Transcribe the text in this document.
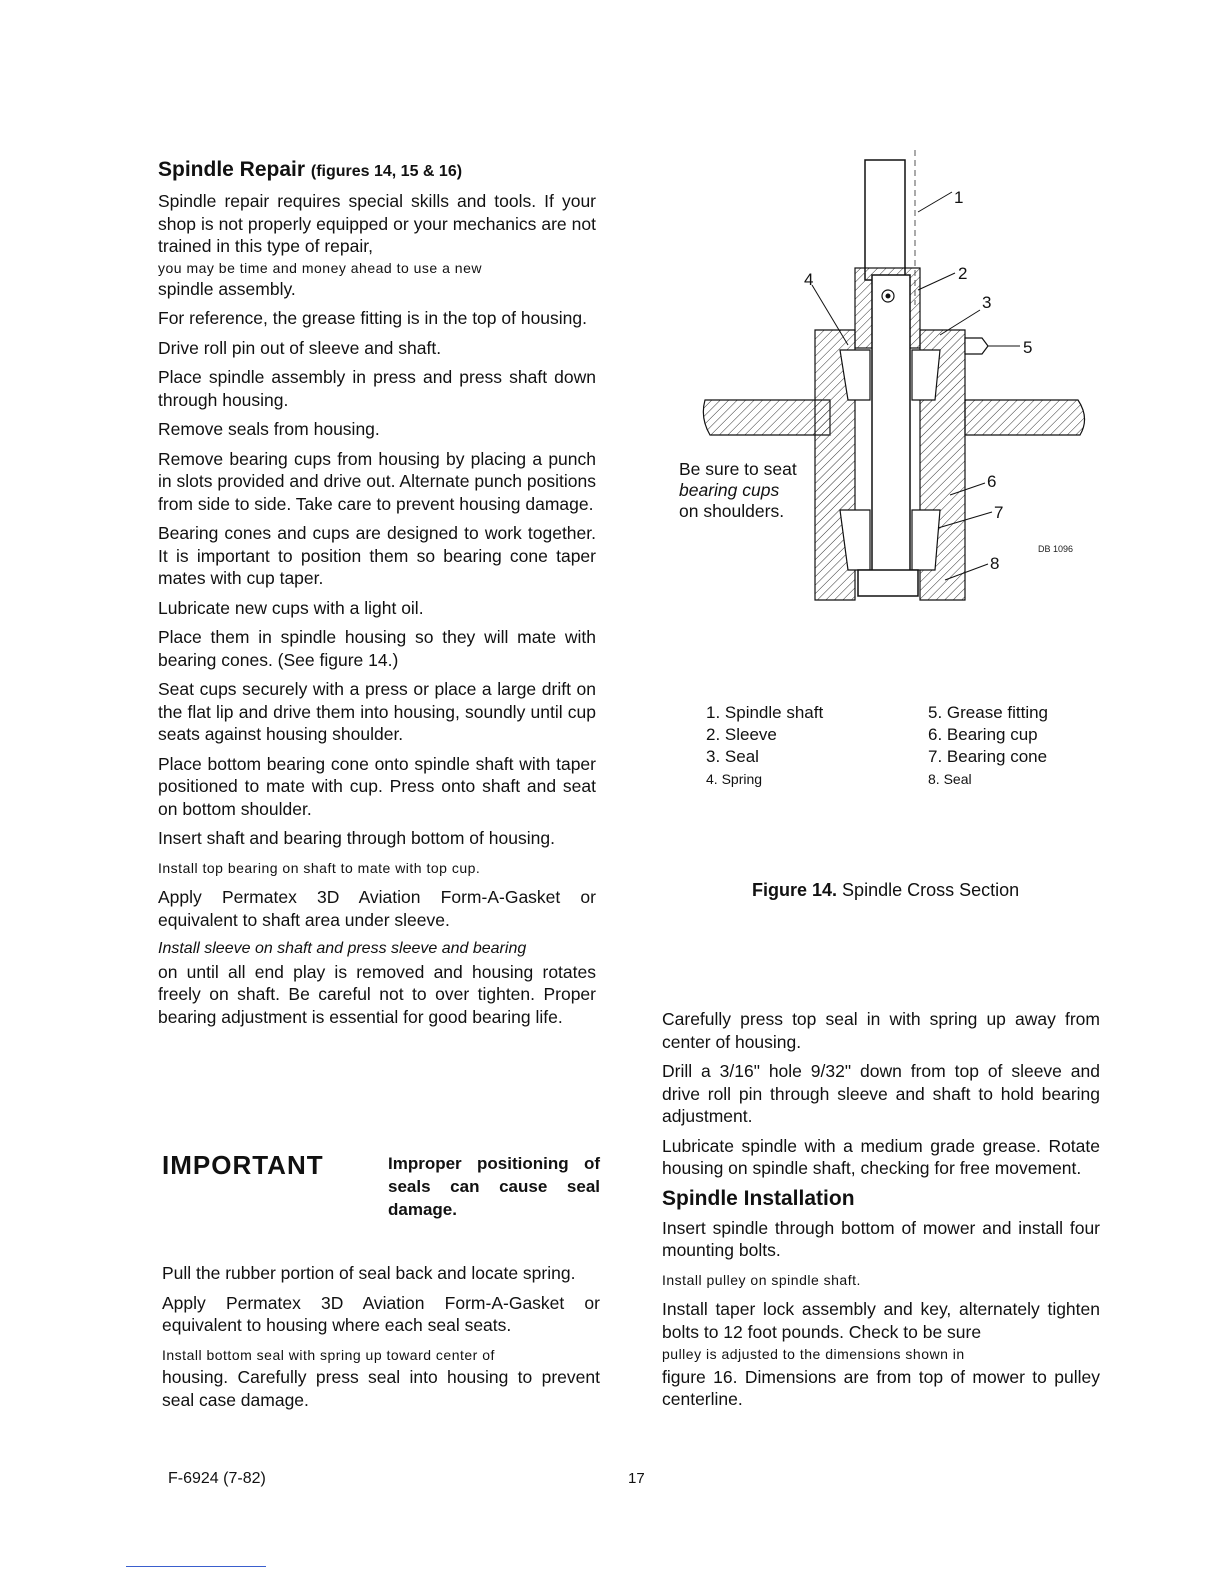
Spindle Repair (figures 14, 15 & 16)

Spindle repair requires special skills and tools. If your shop is not properly equipped or your mechanics are not trained in this type of repair,

you may be time and money ahead to use a new

spindle assembly.

For reference, the grease fitting is in the top of housing.

Drive roll pin out of sleeve and shaft.

Place spindle assembly in press and press shaft down through housing.

Remove seals from housing.

Remove bearing cups from housing by placing a punch in slots provided and drive out. Alternate punch positions from side to side. Take care to prevent housing damage.

Bearing cones and cups are designed to work together. It is important to position them so bearing cone taper mates with cup taper.

Lubricate new cups with a light oil.

Place them in spindle housing so they will mate with bearing cones. (See figure 14.)

Seat cups securely with a press or place a large drift on the flat lip and drive them into housing, soundly until cup seats against housing shoulder.

Place bottom bearing cone onto spindle shaft with taper positioned to mate with cup. Press onto shaft and seat on bottom shoulder.

Insert shaft and bearing through bottom of housing.

Install top bearing on shaft to mate with top cup.

Apply Permatex 3D Aviation Form-A-Gasket or equivalent to shaft area under sleeve.

Install sleeve on shaft and press sleeve and bearing

on until all end play is removed and housing rotates freely on shaft. Be careful not to over tighten. Proper bearing adjustment is essential for good bearing life.

IMPORTANT	Improper positioning of seals can cause seal damage.

Pull the rubber portion of seal back and locate spring.

Apply Permatex 3D Aviation Form-A-Gasket or equivalent to housing where each seal seats.

Install bottom seal with spring up toward center of

housing. Carefully press seal into housing to prevent seal case damage.

1
2
3
4
5
6
7
8
DB 1096
Be sure to seat
bearing cups
on shoulders.
1. Spindle shaft
2. Sleeve
3. Seal
4. Spring
5. Grease fitting
6. Bearing cup
7. Bearing cone
8. Seal
Figure 14. Spindle Cross Section

Carefully press top seal in with spring up away from center of housing.

Drill a 3/16" hole 9/32" down from top of sleeve and drive roll pin through sleeve and shaft to hold bearing adjustment.

Lubricate spindle with a medium grade grease. Rotate housing on spindle shaft, checking for free movement.

Spindle Installation

Insert spindle through bottom of mower and install four mounting bolts.

Install pulley on spindle shaft.

Install taper lock assembly and key, alternately tighten bolts to 12 foot pounds. Check to be sure

pulley is adjusted to the dimensions shown in

figure 16. Dimensions are from top of mower to pulley centerline.

F-6924 (7-82)	17
